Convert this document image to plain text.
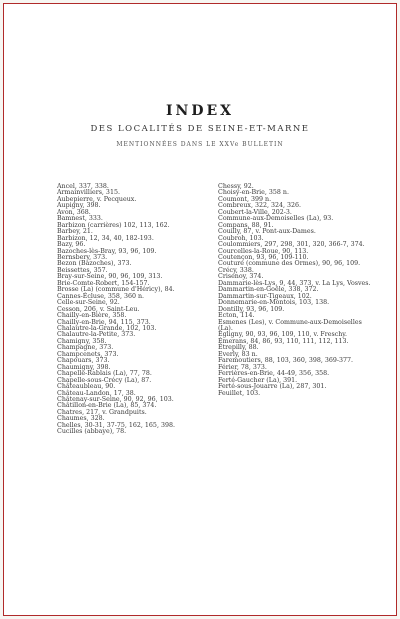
INDEX
DES LOCALITÉS DE SEINE-ET-MARNE
MENTIONNÉES DANS LE XXVe BULLETIN
Ancel, 337, 338.
Armainvilliers, 315.
Aubepierre, v. Pecqueux.
Aupigny, 398.
Avon, 368.
Bamnest, 333.
Barbizon (carrières) 102, 113, 162.
Barbey, 21.
Barbizon, 12, 34, 40, 182-193.
Bazy, 96.
Bazoches-lès-Bray, 93, 96, 109.
Bernsbery, 373.
Bezon (Bazoches), 373.
Beissettes, 357.
Bray-sur-Seine, 90, 96, 109, 313.
Brie-Comte-Robert, 154-157.
Brosse (La) (commune d'Héricy), 84.
Cannes-Écluse, 358, 360 n.
Celle-sur-Seine, 92.
Cesson, 206, v. Saint-Leu.
Chailly-en-Bière, 358.
Chailly-en-Brie, 94, 115, 373.
Chalautre-la-Grande, 102, 103.
Chalautre-la-Petite, 373.
Chamigny, 358.
Champagne, 373.
Champcenets, 373.
Chapouars, 373.
Chaumigny, 398.
Chapelle-Rablais (La), 77, 78.
Chapelle-sous-Crécy (La), 87.
Châteaubleau, 90.
Château-Landon, 17, 38.
Châtenay-sur-Seine, 90, 92, 96, 103.
Châtillon-en-Brie (La), 85, 374.
Chatres, 217, v. Grandpuits.
Chaumes, 328.
Chelles, 30-31, 37-75, 162, 165, 398.
Cucilles (abbaye), 78.
Chessy, 92.
Choisy-en-Brie, 358 n.
Coumont, 399 n.
Combreux, 322, 324, 326.
Coubert-la-Ville, 202-3.
Commune-aux-Demoiselles (La), 93.
Compans, 88, 91.
Couilly, 87, v. Pont-aux-Dames.
Coubroh, 103.
Coulommiers, 297, 298, 301, 320, 366-7, 374.
Courcelles-la-Roue, 90, 113.
Coutençon, 93, 96, 109-110.
Couture (commune des Ormes), 90, 96, 109.
Crécy, 338.
Crisenoy, 374.
Dammarie-lès-Lys, 9, 44, 373, v. La Lys, Vosves.
Dammartin-en-Goële, 338, 372.
Dammartin-sur-Tigeaux, 102.
Donnemarie-en-Montois, 103, 138.
Dontilly, 93, 96, 109.
Ecton, 114.
Esmenes (Les), v. Commune-aux-Demoiselles (La).
Égligny, 90, 93, 96, 109, 110, v. Freschy.
Émerans, 84, 86, 93, 110, 111, 112, 113.
Étrepilly, 88.
Everly, 83 n.
Faremoutiers, 88, 103, 360, 398, 369-377.
Férier, 78, 373.
Ferrières-en-Brie, 44-49, 356, 358.
Ferté-Gaucher (La), 391.
Ferté-sous-Jouarre (La), 287, 301.
Feuillet, 103.
